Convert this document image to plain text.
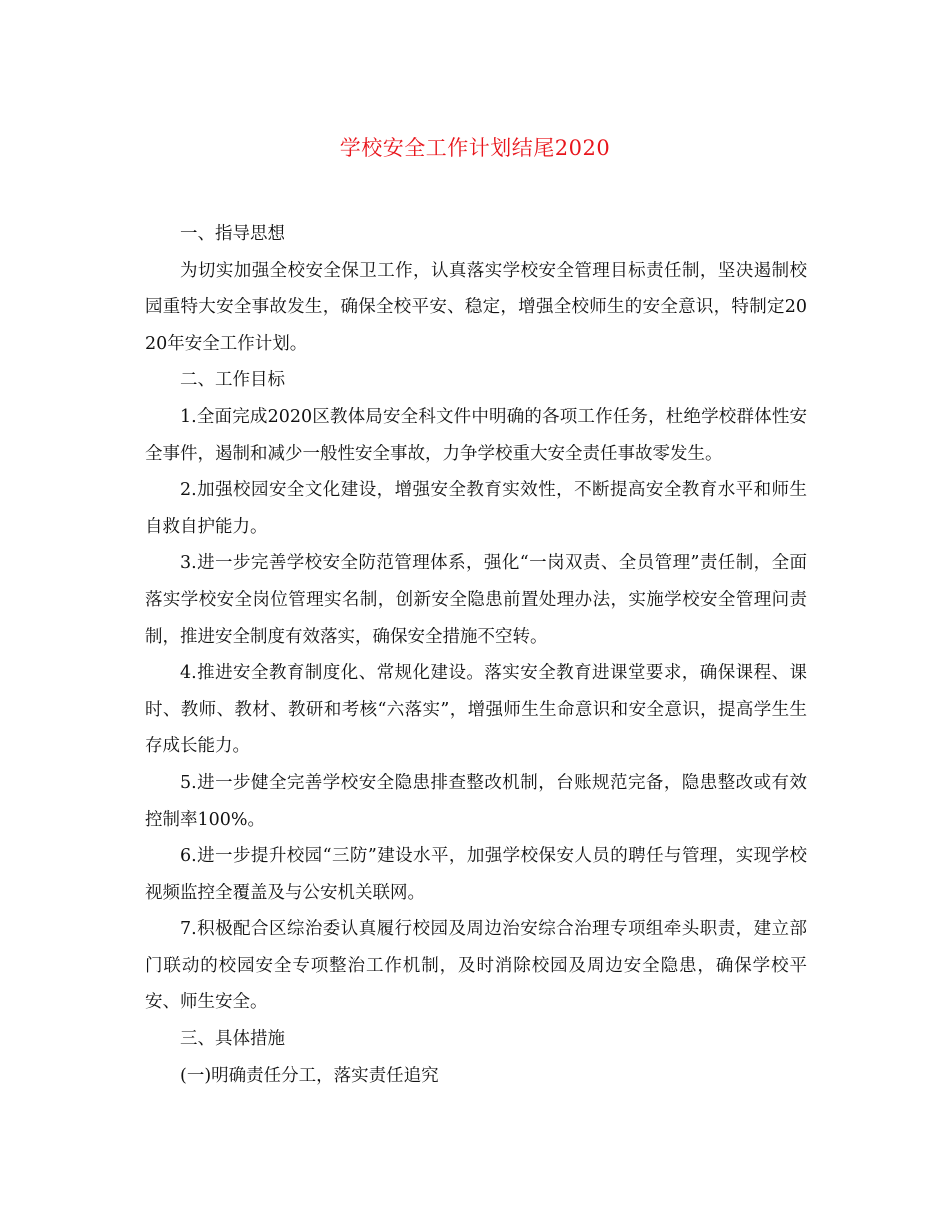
学校安全工作计划结尾2020

一、指导思想

为切实加强全校安全保卫工作，认真落实学校安全管理目标责任制，坚决遏制校园重特大安全事故发生，确保全校平安、稳定，增强全校师生的安全意识，特制定2020年安全工作计划。

二、工作目标

1.全面完成2020区教体局安全科文件中明确的各项工作任务，杜绝学校群体性安全事件，遏制和减少一般性安全事故，力争学校重大安全责任事故零发生。

2.加强校园安全文化建设，增强安全教育实效性，不断提高安全教育水平和师生自救自护能力。

3.进一步完善学校安全防范管理体系，强化“一岗双责、全员管理”责任制，全面落实学校安全岗位管理实名制，创新安全隐患前置处理办法，实施学校安全管理问责制，推进安全制度有效落实，确保安全措施不空转。

4.推进安全教育制度化、常规化建设。落实安全教育进课堂要求，确保课程、课时、教师、教材、教研和考核“六落实”，增强师生生命意识和安全意识，提高学生生存成长能力。

5.进一步健全完善学校安全隐患排查整改机制，台账规范完备，隐患整改或有效控制率100%。

6.进一步提升校园“三防”建设水平，加强学校保安人员的聘任与管理，实现学校视频监控全覆盖及与公安机关联网。

7.积极配合区综治委认真履行校园及周边治安综合治理专项组牵头职责，建立部门联动的校园安全专项整治工作机制，及时消除校园及周边安全隐患，确保学校平安、师生安全。

三、具体措施

(一)明确责任分工，落实责任追究
